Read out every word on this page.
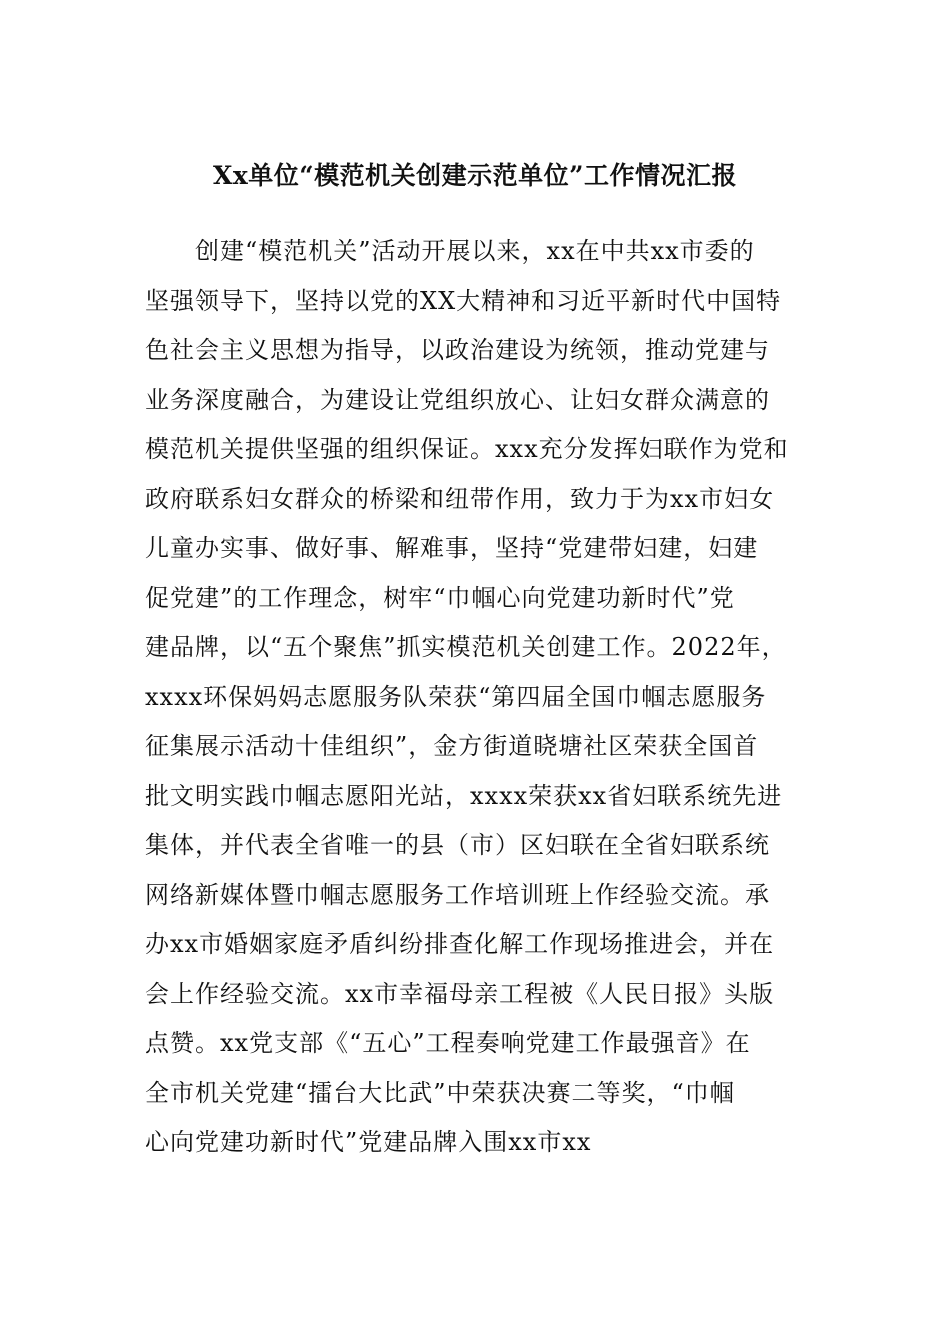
Xx单位“模范机关创建示范单位”工作情况汇报
创建“模范机关”活动开展以来，xx在中共xx市委的
坚强领导下，坚持以党的XX大精神和习近平新时代中国特
色社会主义思想为指导，以政治建设为统领，推动党建与
业务深度融合，为建设让党组织放心、让妇女群众满意的
模范机关提供坚强的组织保证。xxx充分发挥妇联作为党和
政府联系妇女群众的桥梁和纽带作用，致力于为xx市妇女
儿童办实事、做好事、解难事，坚持“党建带妇建，妇建
促党建”的工作理念，树牢“巾帼心向党建功新时代”党
建品牌，以“五个聚焦”抓实模范机关创建工作。2022年，
xxxx环保妈妈志愿服务队荣获“第四届全国巾帼志愿服务
征集展示活动十佳组织”，金方街道晓塘社区荣获全国首
批文明实践巾帼志愿阳光站，xxxx荣获xx省妇联系统先进
集体，并代表全省唯一的县（市）区妇联在全省妇联系统
网络新媒体暨巾帼志愿服务工作培训班上作经验交流。承
办xx市婚姻家庭矛盾纠纷排查化解工作现场推进会，并在
会上作经验交流。xx市幸福母亲工程被《人民日报》头版
点赞。xx党支部《“五心”工程奏响党建工作最强音》在
全市机关党建“擂台大比武”中荣获决赛二等奖，“巾帼
心向党建功新时代”党建品牌入围xx市xx
